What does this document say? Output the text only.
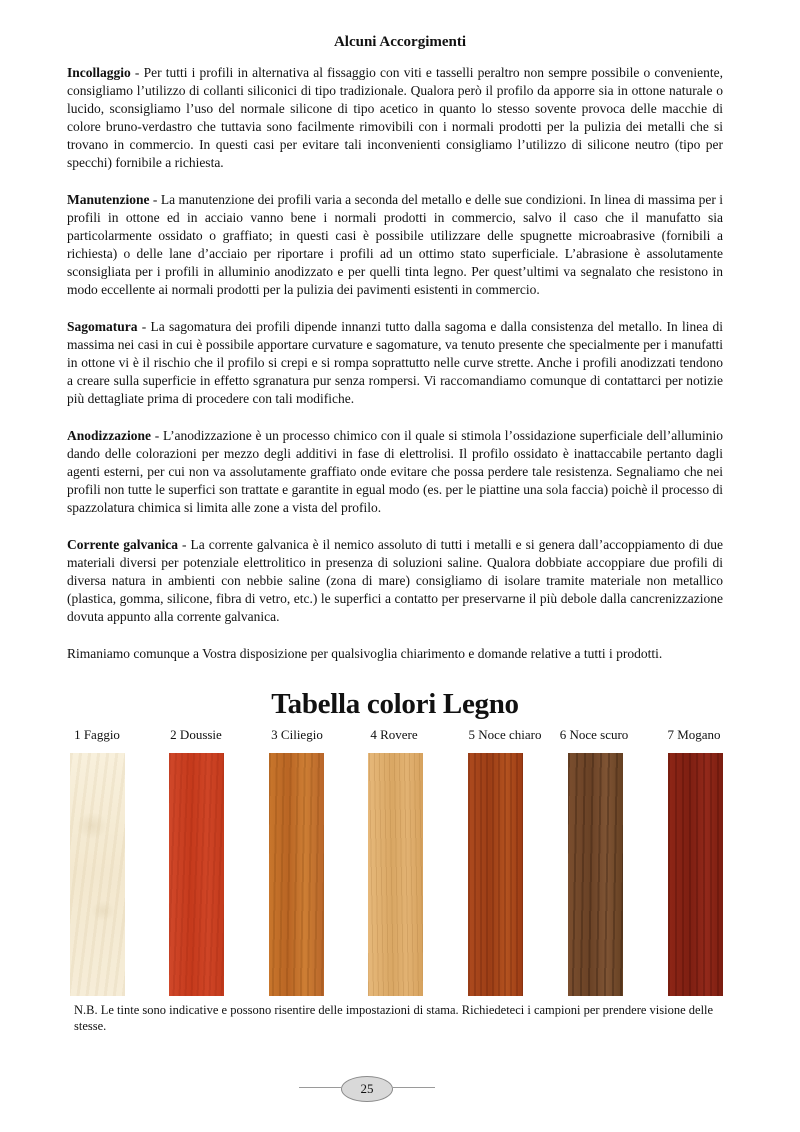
Alcuni Accorgimenti

Incollaggio - Per tutti i profili in alternativa al fissaggio con viti e tasselli peraltro non sempre possibile o conveniente, consigliamo l’utilizzo di collanti siliconici di tipo tradizionale. Qualora però il profilo da apporre sia in ottone naturale o lucido, sconsigliamo l’uso del normale silicone di tipo acetico in quanto lo stesso sovente provoca delle macchie di colore bruno-verdastro che tuttavia sono facilmente rimovibili con i normali prodotti per la pulizia dei metalli che si trovano in commercio. In questi casi per evitare tali inconvenienti consigliamo l’utilizzo di silicone neutro (tipo per specchi) fornibile a richiesta.

Manutenzione - La manutenzione dei profili varia a seconda del metallo e delle sue condizioni. In linea di massima per i profili in ottone ed in acciaio vanno bene i normali prodotti in commercio, salvo il caso che il manufatto sia particolarmente ossidato o graffiato; in questi casi è possibile utilizzare delle spugnette microabrasive (fornibili a richiesta) o delle lane d’acciaio per riportare i profili ad un ottimo stato superficiale. L’abrasione è assolutamente sconsigliata per i profili in alluminio anodizzato e per quelli tinta legno. Per quest’ultimi va segnalato che resistono in modo eccellente ai normali prodotti per la pulizia dei pavimenti esistenti in commercio.

Sagomatura - La sagomatura dei profili dipende innanzi tutto dalla sagoma e dalla consistenza del metallo. In linea di massima nei casi in cui è possibile apportare curvature e sagomature, va tenuto presente che specialmente per i manufatti in ottone vi è il rischio che il profilo si crepi e si rompa soprattutto nelle curve strette. Anche i profili anodizzati tendono a creare sulla superficie in effetto sgranatura pur senza rompersi. Vi raccomandiamo comunque di contattarci per notizie più dettagliate prima di procedere con tali modifiche.

Anodizzazione - L’anodizzazione è un processo chimico con il quale si stimola l’ossidazione superficiale dell’alluminio dando delle colorazioni per mezzo degli additivi in fase di elettrolisi. Il profilo ossidato è inattaccabile pertanto dagli agenti esterni, per cui non va assolutamente graffiato onde evitare che possa perdere tale resistenza. Segnaliamo che nei profili non tutte le superfici son trattate e garantite in egual modo (es. per le piattine una sola faccia) poichè il processo di spazzolatura chimica si limita alle zone a vista del profilo.

Corrente galvanica - La corrente galvanica è il nemico assoluto di tutti i metalli e si genera dall’accoppiamento di due materiali diversi per potenziale elettrolitico in presenza di soluzioni saline. Qualora dobbiate accoppiare due profili di diversa natura in ambienti con nebbie saline (zona di mare) consigliamo di isolare tramite materiale non metallico (plastica, gomma, silicone, fibra di vetro, etc.) le superfici a contatto per preservarne il più debole dalla cancrenizzazione dovuta appunto alla corrente galvanica.

Rimaniamo comunque a Vostra disposizione per qualsivoglia chiarimento e domande relative a tutti i prodotti.

Tabella colori Legno
1 Faggio	2 Doussie	3 Ciliegio	4 Rovere	5 Noce chiaro 6 Noce scuro	7 Mogano
N.B. Le tinte sono indicative e possono risentire delle impostazioni di stama. Richiedeteci i campioni per prendere visione delle stesse.
25
